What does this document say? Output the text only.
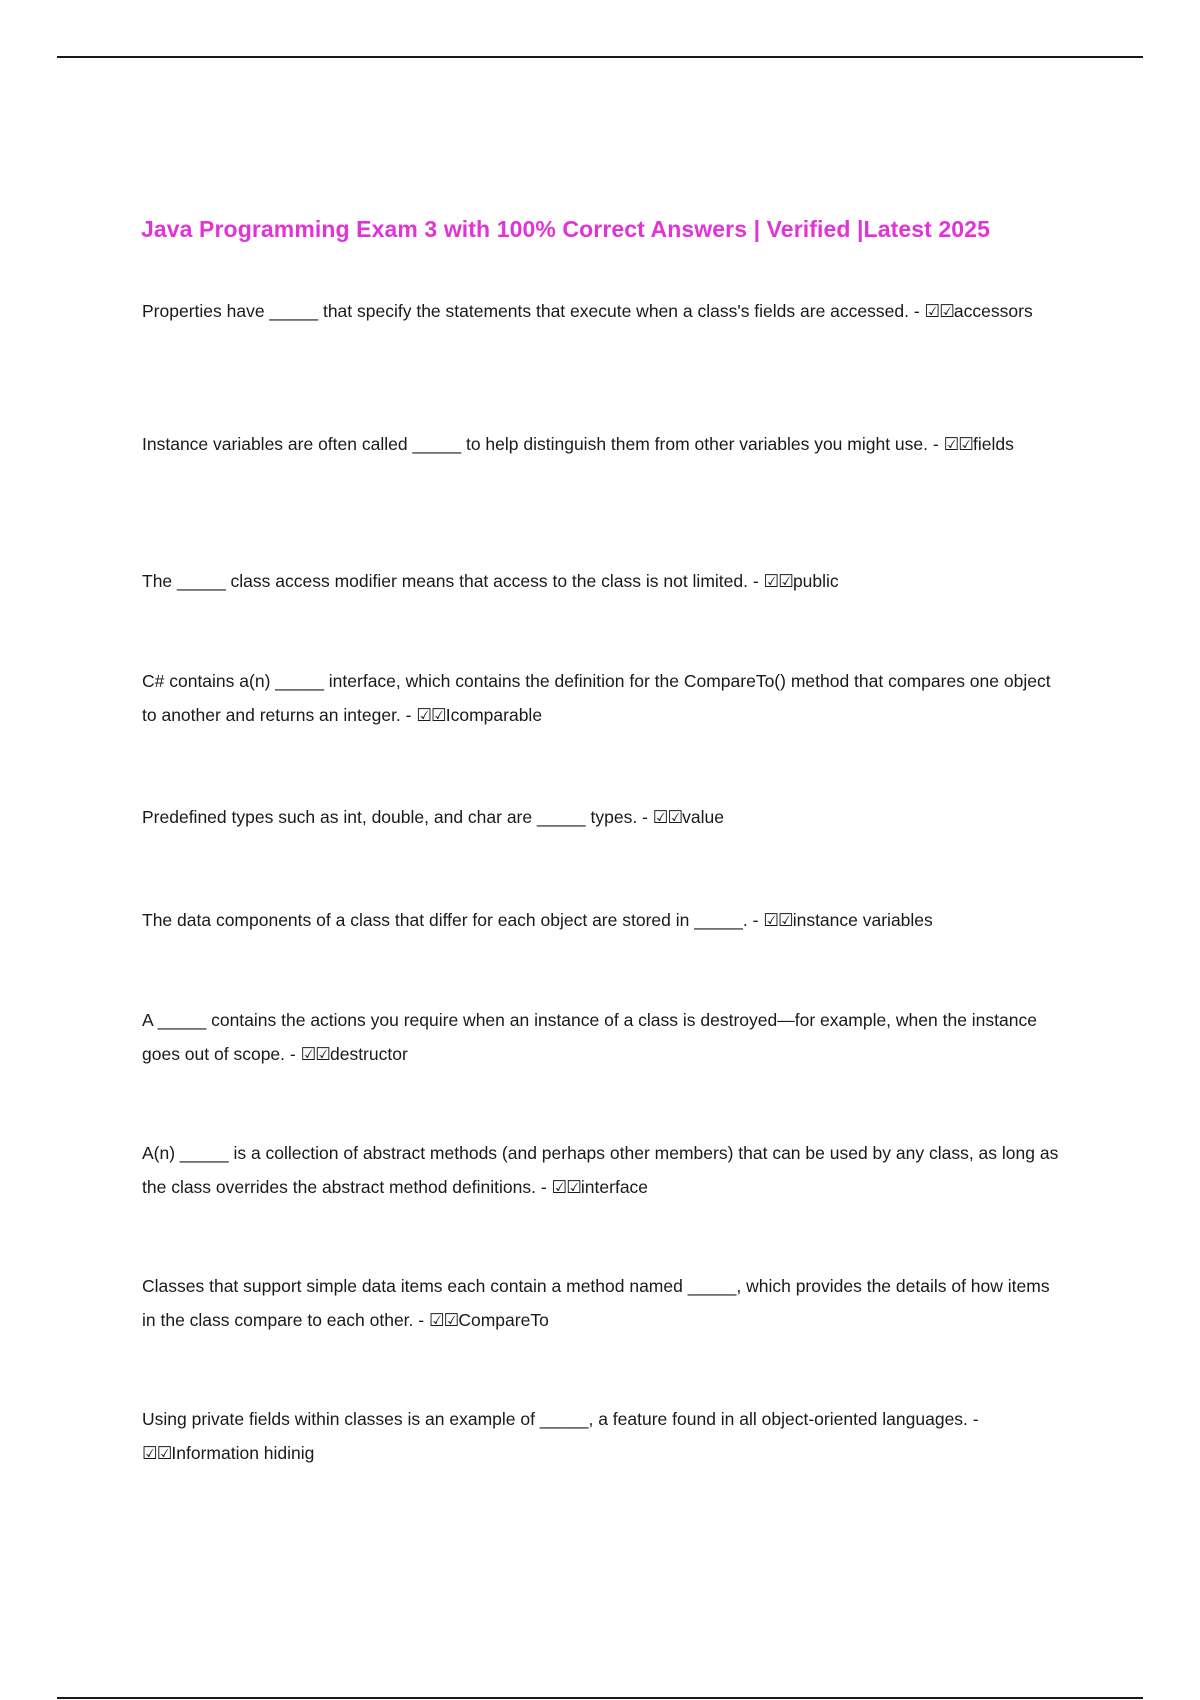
Java Programming Exam 3 with 100% Correct Answers | Verified |Latest 2025

Properties have _____ that specify the statements that execute when a class's fields are accessed. - ☑☑accessors

Instance variables are often called _____ to help distinguish them from other variables you might use. - ☑☑fields

The _____ class access modifier means that access to the class is not limited. - ☑☑public

C# contains a(n) _____ interface, which contains the definition for the CompareTo() method that compares one object to another and returns an integer. - ☑☑Icomparable

Predefined types such as int, double, and char are _____ types. - ☑☑value

The data components of a class that differ for each object are stored in _____. - ☑☑instance variables

A _____ contains the actions you require when an instance of a class is destroyed—for example, when the instance goes out of scope. - ☑☑destructor

A(n) _____ is a collection of abstract methods (and perhaps other members) that can be used by any class, as long as the class overrides the abstract method definitions. - ☑☑interface

Classes that support simple data items each contain a method named _____, which provides the details of how items in the class compare to each other. - ☑☑CompareTo

Using private fields within classes is an example of _____, a feature found in all object-oriented languages. - ☑☑Information hidinig
